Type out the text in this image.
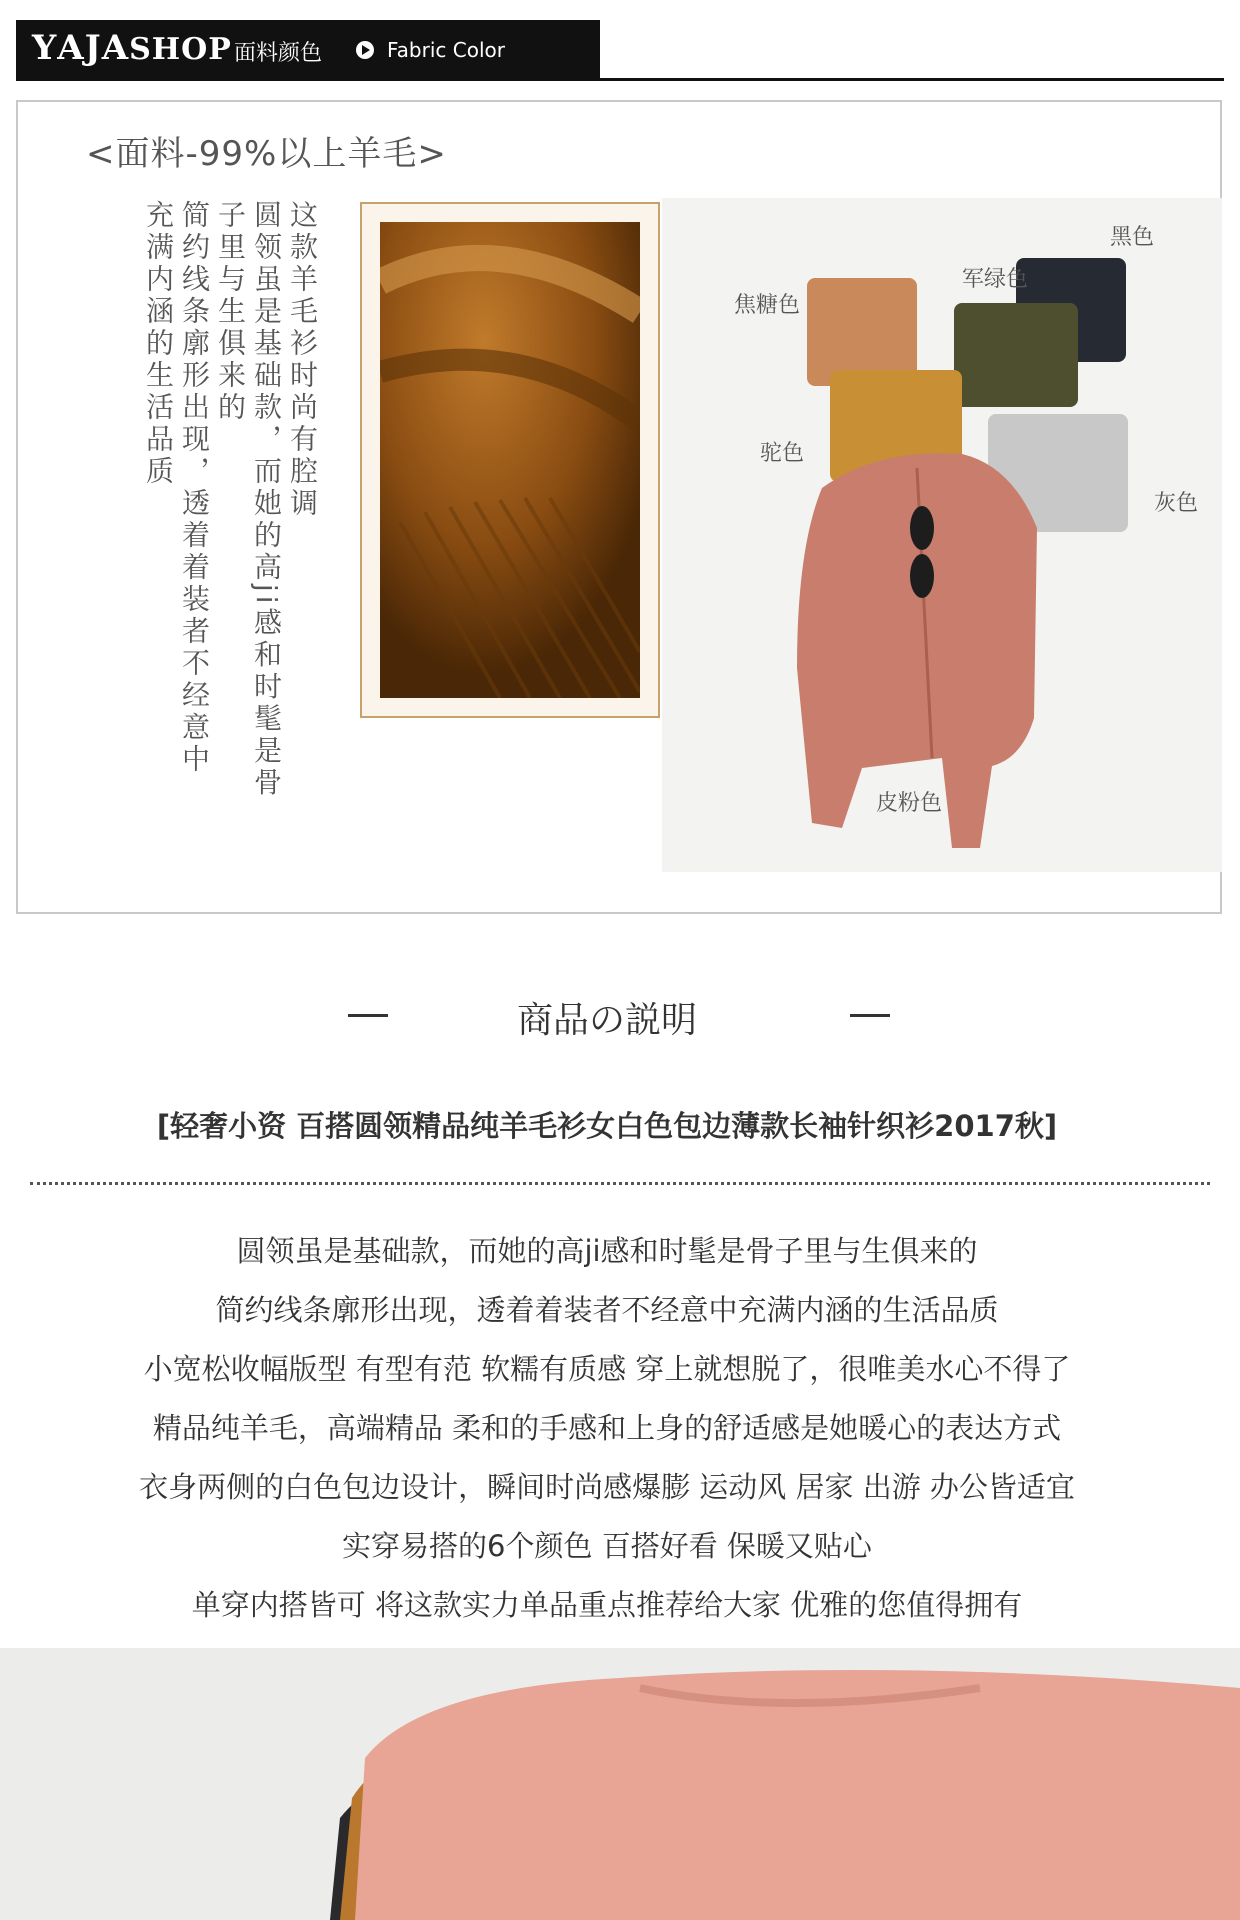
ΥAJASHOP 面料颜色	Fabric Color
<面料-99%以上羊毛>
这款羊毛衫时尚有腔调
圆领虽是基础款，而她的高ji感和时髦是骨
子里与生俱来的
简约线条廓形出现，透着着装者不经意中
充满内涵的生活品质	黑色
军绿色
焦糖色
驼色
灰色
皮粉色
商品の説明
[轻奢小资 百搭圆领精品纯羊毛衫女白色包边薄款长袖针织衫2017秋]
圆领虽是基础款，而她的高ji感和时髦是骨子里与生俱来的
简约线条廓形出现，透着着装者不经意中充满内涵的生活品质
小宽松收幅版型 有型有范 软糯有质感 穿上就想脱了，很唯美水心不得了
精品纯羊毛，高端精品 柔和的手感和上身的舒适感是她暖心的表达方式
衣身两侧的白色包边设计，瞬间时尚感爆膨 运动风 居家 出游 办公皆适宜
实穿易搭的6个颜色 百搭好看 保暖又贴心
单穿内搭皆可 将这款实力单品重点推荐给大家 优雅的您值得拥有
